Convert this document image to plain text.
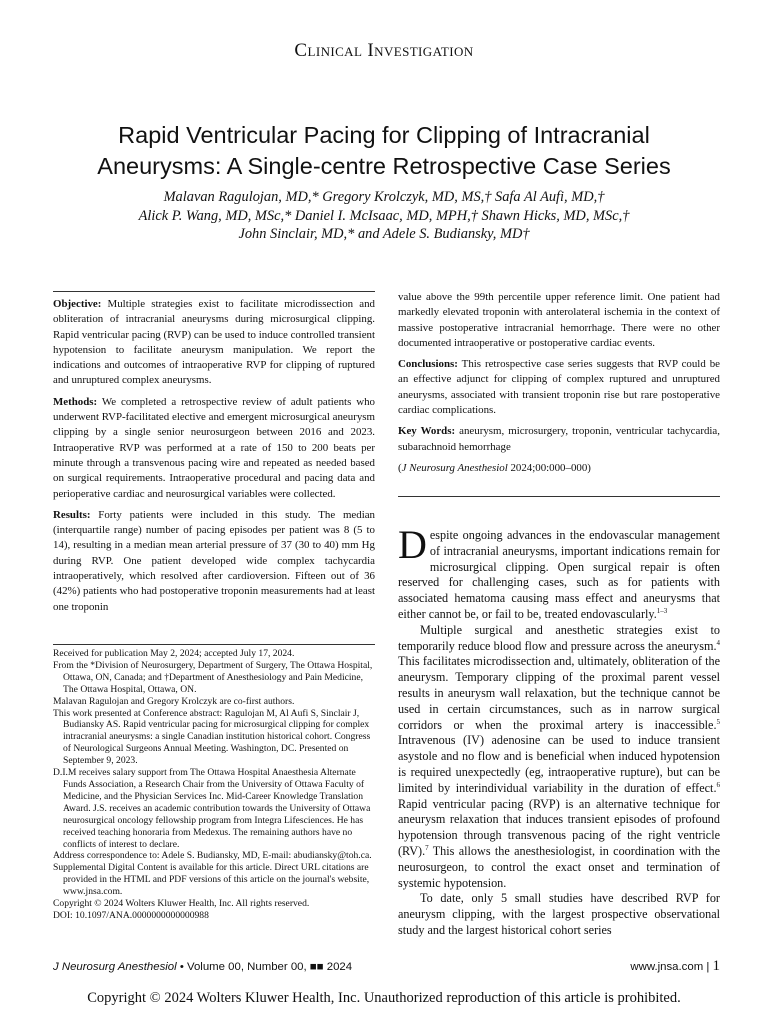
Clinical Investigation
Rapid Ventricular Pacing for Clipping of Intracranial
Aneurysms: A Single-centre Retrospective Case Series
Malavan Ragulojan, MD,* Gregory Krolczyk, MD, MS,† Safa Al Aufi, MD,†
Alick P. Wang, MD, MSc,* Daniel I. McIsaac, MD, MPH,† Shawn Hicks, MD, MSc,†
John Sinclair, MD,* and Adele S. Budiansky, MD†

Objective: Multiple strategies exist to facilitate microdissection and obliteration of intracranial aneurysms during microsurgical clipping. Rapid ventricular pacing (RVP) can be used to induce controlled transient hypotension to facilitate aneurysm manipulation. We report the indications and outcomes of intraoperative RVP for clipping of ruptured and unruptured complex aneurysms.

Methods: We completed a retrospective review of adult patients who underwent RVP-facilitated elective and emergent microsurgical aneurysm clipping by a single senior neurosurgeon between 2016 and 2023. Intraoperative RVP was performed at a rate of 150 to 200 beats per minute through a transvenous pacing wire and repeated as needed based on surgical requirements. Intraoperative procedural and pacing data and perioperative cardiac and neurosurgical variables were collected.

Results: Forty patients were included in this study. The median (interquartile range) number of pacing episodes per patient was 8 (5 to 14), resulting in a median mean arterial pressure of 37 (30 to 40) mm Hg during RVP. One patient developed wide complex tachycardia intraoperatively, which resolved after cardioversion. Fifteen out of 36 (42%) patients who had postoperative troponin measurements had at least one troponin

value above the 99th percentile upper reference limit. One patient had markedly elevated troponin with anterolateral ischemia in the context of massive postoperative intracranial hemorrhage. There were no other documented intraoperative or postoperative cardiac events.

Conclusions: This retrospective case series suggests that RVP could be an effective adjunct for clipping of complex ruptured and unruptured aneurysms, associated with transient troponin rise but rare postoperative cardiac complications.

Key Words: aneurysm, microsurgery, troponin, ventricular tachycardia, subarachnoid hemorrhage

(J Neurosurg Anesthesiol 2024;00:000–000)

Received for publication May 2, 2024; accepted July 17, 2024.
From the *Division of Neurosurgery, Department of Surgery, The Ottawa Hospital, Ottawa, ON, Canada; and †Department of Anesthesiology and Pain Medicine, The Ottawa Hospital, Ottawa, ON.
Malavan Ragulojan and Gregory Krolczyk are co-first authors.
This work presented at Conference abstract: Ragulojan M, Al Aufi S, Sinclair J, Budiansky AS. Rapid ventricular pacing for microsurgical clipping for complex intracranial aneurysms: a single Canadian institution historical cohort. Congress of Neurological Surgeons Annual Meeting. Washington, DC. Presented on September 9, 2023.
D.I.M receives salary support from The Ottawa Hospital Anaesthesia Alternate Funds Association, a Research Chair from the University of Ottawa Faculty of Medicine, and the Physician Services Inc. Mid-Career Knowledge Translation Award. J.S. receives an academic contribution towards the University of Ottawa neurosurgical oncology fellowship program from Integra Lifesciences. He has received teaching honoraria from Medexus. The remaining authors have no conflicts of interest to declare.
Address correspondence to: Adele S. Budiansky, MD, E-mail: abudiansky@toh.ca.
Supplemental Digital Content is available for this article. Direct URL citations are provided in the HTML and PDF versions of this article on the journal's website, www.jnsa.com.
Copyright © 2024 Wolters Kluwer Health, Inc. All rights reserved.
DOI: 10.1097/ANA.0000000000000988

Despite ongoing advances in the endovascular management of intracranial aneurysms, important indications remain for microsurgical clipping. Open surgical repair is often reserved for challenging cases, such as for patients with associated hematoma causing mass effect and aneurysms that either cannot be, or fail to be, treated endovascularly.$^{1-3}$

Multiple surgical and anesthetic strategies exist to temporarily reduce blood flow and pressure across the aneurysm.$^4$ This facilitates microdissection and, ultimately, obliteration of the aneurysm. Temporary clipping of the proximal parent vessel results in aneurysm wall relaxation, but the technique cannot be used in certain circumstances, such as in narrow surgical corridors or when the proximal artery is inaccessible.$^5$ Intravenous (IV) adenosine can be used to induce transient asystole and no flow and is beneficial when induced hypotension is required unexpectedly (eg, intraoperative rupture), but can be limited by interindividual variability in the duration of effect.$^6$ Rapid ventricular pacing (RVP) is an alternative technique for aneurysm relaxation that induces transient episodes of profound hypotension through transvenous pacing of the right ventricle (RV).$^7$ This allows the anesthesiologist, in coordination with the neurosurgeon, to control the exact onset and termination of systemic hypotension.

To date, only 5 small studies have described RVP for aneurysm clipping, with the largest prospective observational study and the largest historical cohort series

J Neurosurg Anesthesiol • Volume 00, Number 00, ■■ 2024	www.jnsa.com | 1
Copyright © 2024 Wolters Kluwer Health, Inc. Unauthorized reproduction of this article is prohibited.
